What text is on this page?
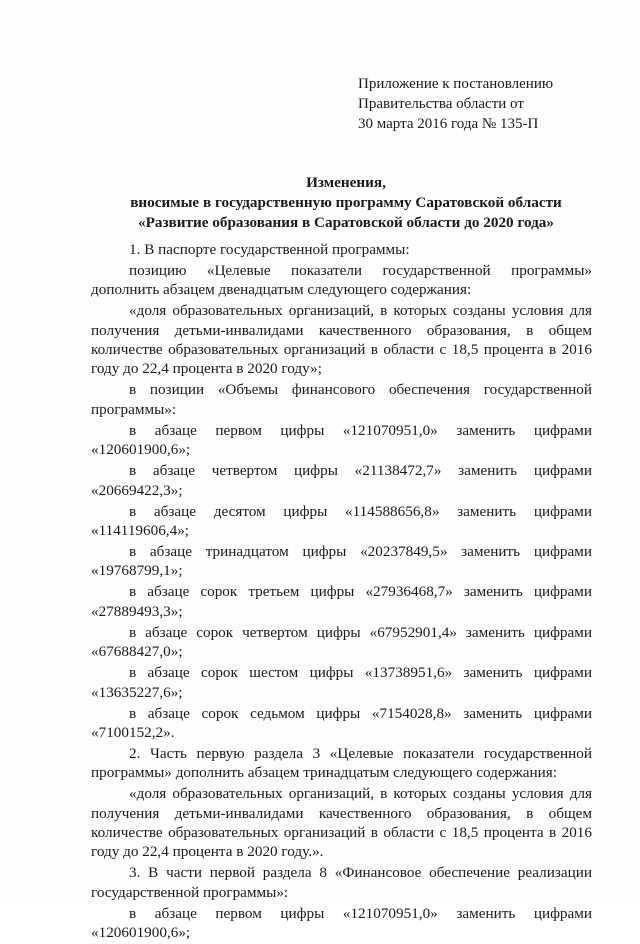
Приложение к постановлению
Правительства области от
30 марта 2016 года № 135-П
Изменения,
вносимые в государственную программу Саратовской области
«Развитие образования в Саратовской области до 2020 года»

1. В паспорте государственной программы:

позицию «Целевые показатели государственной программы» дополнить абзацем двенадцатым следующего содержания:

«доля образовательных организаций, в которых созданы условия для получения детьми-инвалидами качественного образования, в общем количестве образовательных организаций в области с 18,5 процента в 2016 году до 22,4 процента в 2020 году»;

в позиции «Объемы финансового обеспечения государственной программы»:

в абзаце первом цифры «121070951,0» заменить цифрами «120601900,6»;

в абзаце четвертом цифры «21138472,7» заменить цифрами «20669422,3»;

в абзаце десятом цифры «114588656,8» заменить цифрами «114119606,4»;

в абзаце тринадцатом цифры «20237849,5» заменить цифрами «19768799,1»;

в абзаце сорок третьем цифры «27936468,7» заменить цифрами «27889493,3»;

в абзаце сорок четвертом цифры «67952901,4» заменить цифрами «67688427,0»;

в абзаце сорок шестом цифры «13738951,6» заменить цифрами «13635227,6»;

в абзаце сорок седьмом цифры «7154028,8» заменить цифрами «7100152,2».

2. Часть первую раздела 3 «Целевые показатели государственной программы» дополнить абзацем тринадцатым следующего содержания:

«доля образовательных организаций, в которых созданы условия для получения детьми-инвалидами качественного образования, в общем количестве образовательных организаций в области с 18,5 процента в 2016 году до 22,4 процента в 2020 году.».

3. В части первой раздела 8 «Финансовое обеспечение реализации государственной программы»:

в абзаце первом цифры «121070951,0» заменить цифрами «120601900,6»;
